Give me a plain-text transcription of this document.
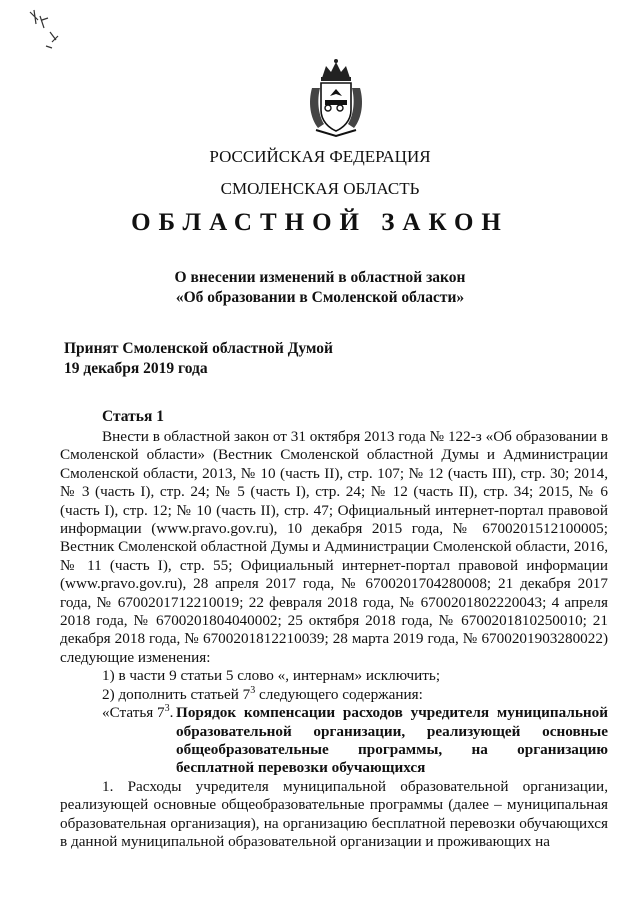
РОССИЙСКАЯ ФЕДЕРАЦИЯ
СМОЛЕНСКАЯ ОБЛАСТЬ
ОБЛАСТНОЙ ЗАКОН
О внесении изменений в областной закон
«Об образовании в Смоленской области»
Принят Смоленской областной Думой
19 декабря 2019 года
Статья 1

Внести в областной закон от 31 октября 2013 года № 122-з «Об образовании в Смоленской области» (Вестник Смоленской областной Думы и Администрации Смоленской области, 2013, № 10 (часть II), стр. 107; № 12 (часть III), стр. 30; 2014, № 3 (часть I), стр. 24; № 5 (часть I), стр. 24; № 12 (часть II), стр. 34; 2015, № 6 (часть I), стр. 12; № 10 (часть II), стр. 47; Официальный интернет-портал правовой информации (www.pravo.gov.ru), 10 декабря 2015 года, № 6700201512100005; Вестник Смоленской областной Думы и Администрации Смоленской области, 2016, № 11 (часть I), стр. 55; Официальный интернет-портал правовой информации (www.pravo.gov.ru), 28 апреля 2017 года, № 6700201704280008; 21 декабря 2017 года, № 6700201712210019; 22 февраля 2018 года, № 6700201802220043; 4 апреля 2018 года, № 6700201804040002; 25 октября 2018 года, № 6700201810250010; 21 декабря 2018 года, № 6700201812210039; 28 марта 2019 года, № 6700201903280022) следующие изменения:

1) в части 9 статьи 5 слово «, интернам» исключить;

2) дополнить статьей $7^3$ следующего содержания:

«Статья $7^3$. Порядок компенсации расходов учредителя муниципальной образовательной организации, реализующей основные общеобразовательные программы, на организацию бесплатной перевозки обучающихся

1. Расходы учредителя муниципальной образовательной организации, реализующей основные общеобразовательные программы (далее – муниципальная образовательная организация), на организацию бесплатной перевозки обучающихся в данной муниципальной образовательной организации и проживающих на
